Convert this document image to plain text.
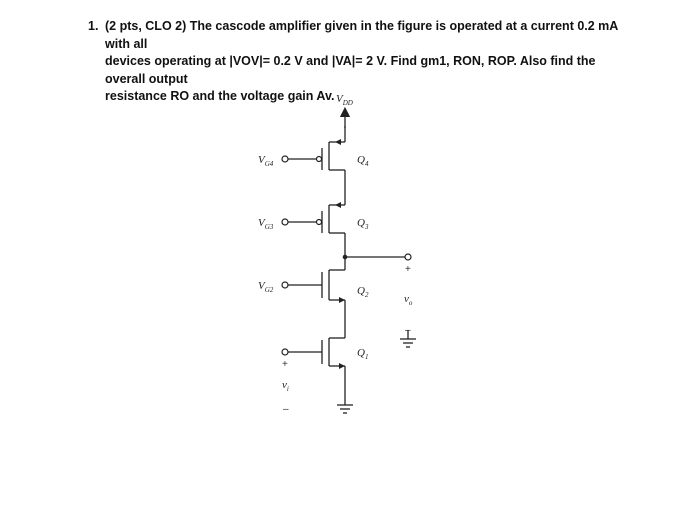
1. (2 pts, CLO 2) The cascode amplifier given in the figure is operated at a current 0.2 mA with all
devices operating at |VOV|= 0.2 V and |VA|= 2 V. Find gm1, RON, ROP. Also find the overall output
resistance RO and the voltage gain Av. $V_{DD}$
$V_{G4}$	$Q_4$
$V_{G3}$	$Q_3$
+
$v_o$
–
$V_{G2}$	$Q_2$
$Q_1$
+
$v_i$
–
